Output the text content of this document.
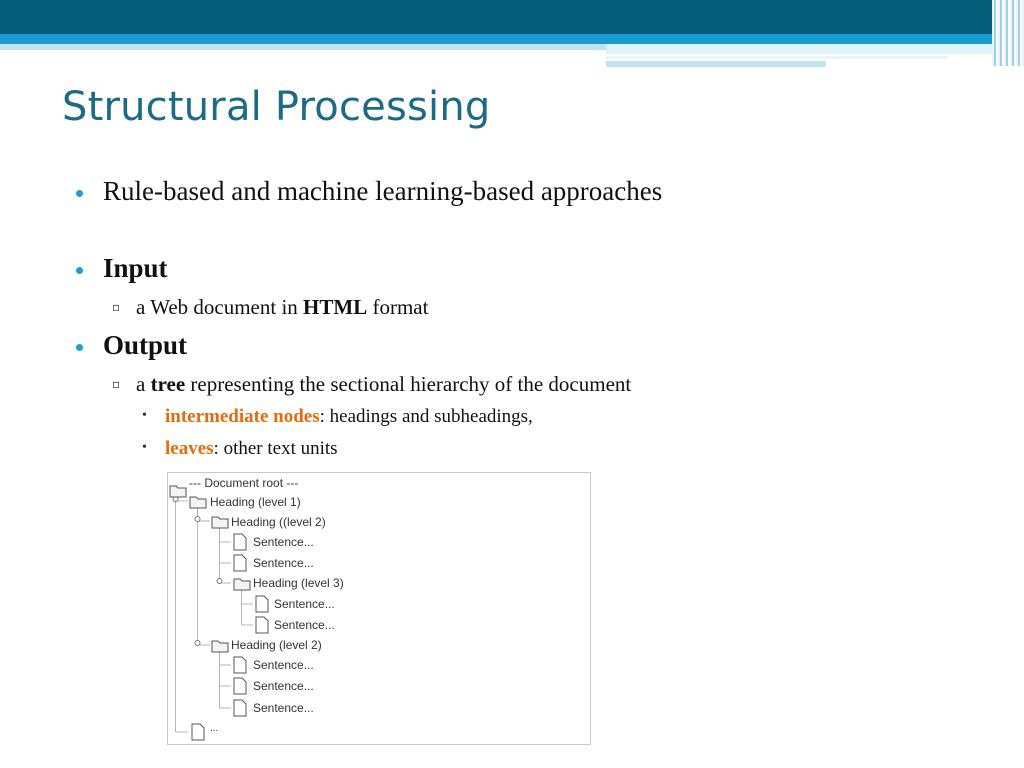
Structural Processing
Rule-based and machine learning-based approaches
Input
▫ a Web document in HTML format
Output
▫ a tree representing the sectional hierarchy of the document
• intermediate nodes: headings and subheadings,
• leaves: other text units
--- Document root ---
Heading (level 1)
Heading ((level 2)
Sentence...
Sentence...
Heading (level 3)
Sentence...
Sentence...
Heading (level 2)
Sentence...
Sentence...
Sentence...
...
